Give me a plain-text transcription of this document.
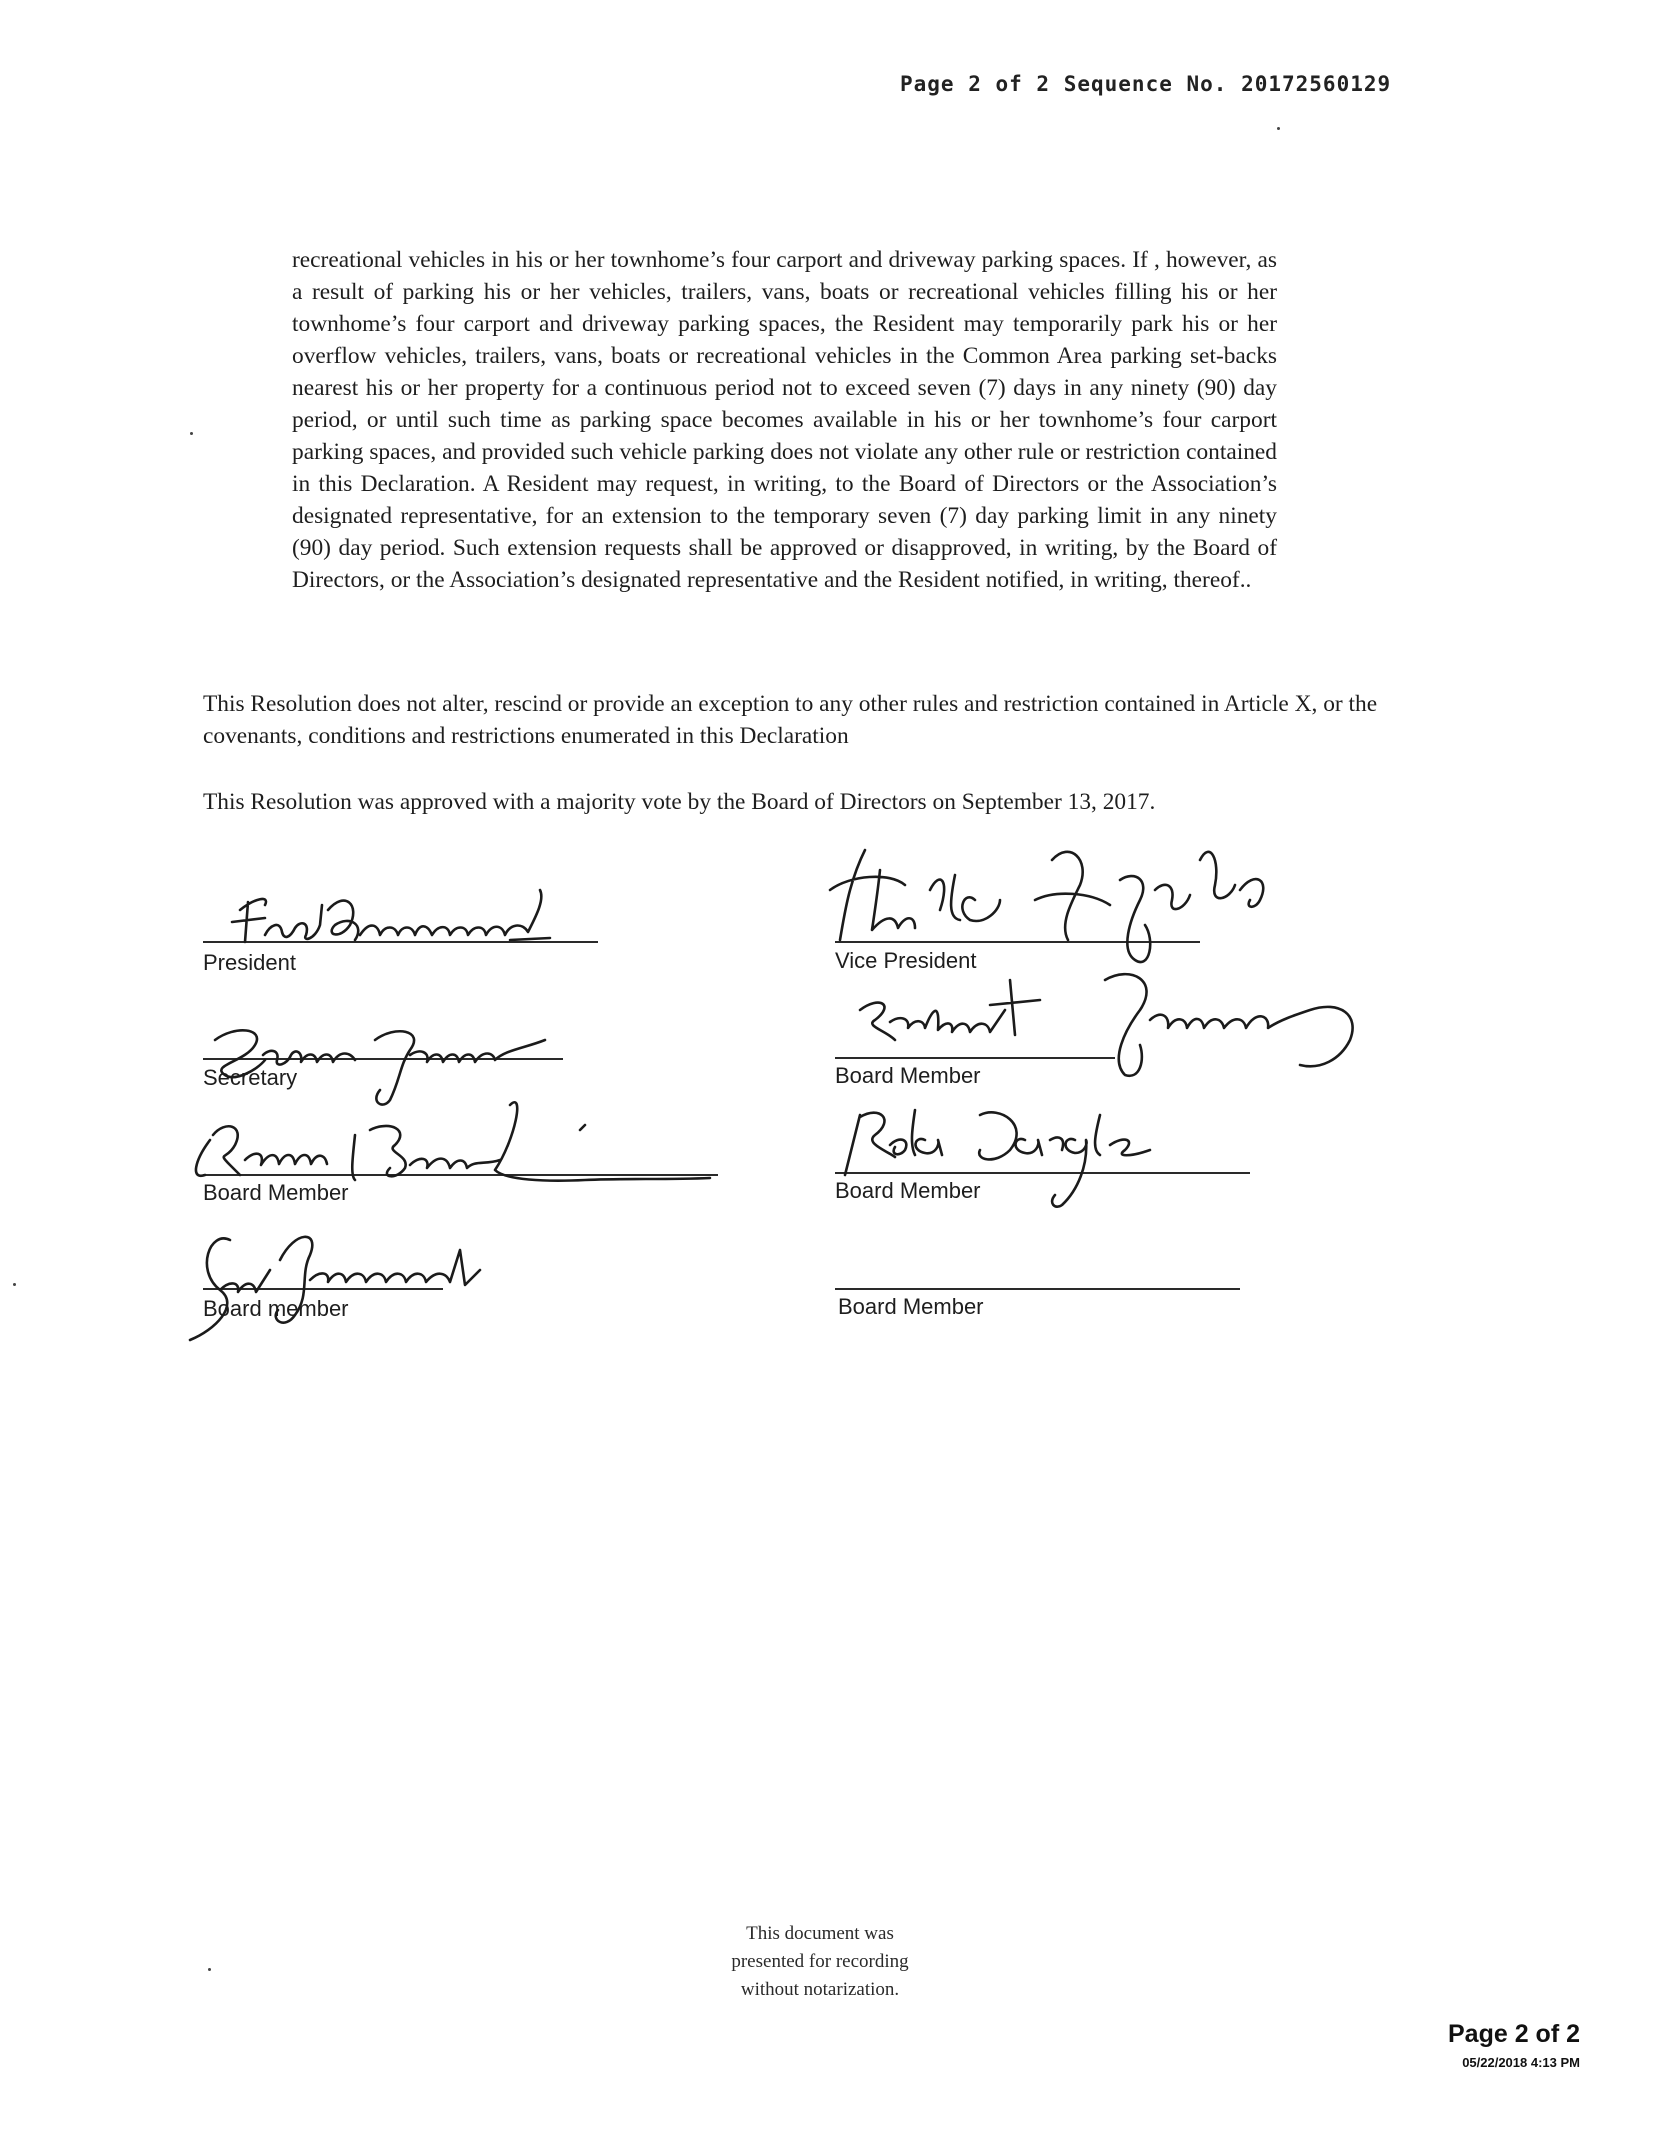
Page 2 of 2 Sequence No. 20172560129
recreational vehicles in his or her townhome’s four carport and driveway parking spaces. If , however, as a result of parking his or her vehicles, trailers, vans, boats or recreational vehicles filling his or her townhome’s four carport and driveway parking spaces, the Resident may temporarily park his or her overflow vehicles, trailers, vans, boats or recreational vehicles in the Common Area parking set-backs nearest his or her property for a continuous period not to exceed seven (7) days in any ninety (90) day period, or until such time as parking space becomes available in his or her townhome’s four carport parking spaces, and provided such vehicle parking does not violate any other rule or restriction contained in this Declaration. A Resident may request, in writing, to the Board of Directors or the Association’s designated representative, for an extension to the temporary seven (7) day parking limit in any ninety (90) day period. Such extension requests shall be approved or disapproved, in writing, by the Board of Directors, or the Association’s designated representative and the Resident notified, in writing, thereof..
This Resolution does not alter, rescind or provide an exception to any other rules and restriction contained in Article X, or the covenants, conditions and restrictions enumerated in this Declaration
This Resolution was approved with a majority vote by the Board of Directors on September 13, 2017.
President
Secretary
Board Member
Board member
Vice President
Board Member
Board Member
Board Member
This document was
presented for recording
without notarization.
Page 2 of 2
05/22/2018 4:13 PM
